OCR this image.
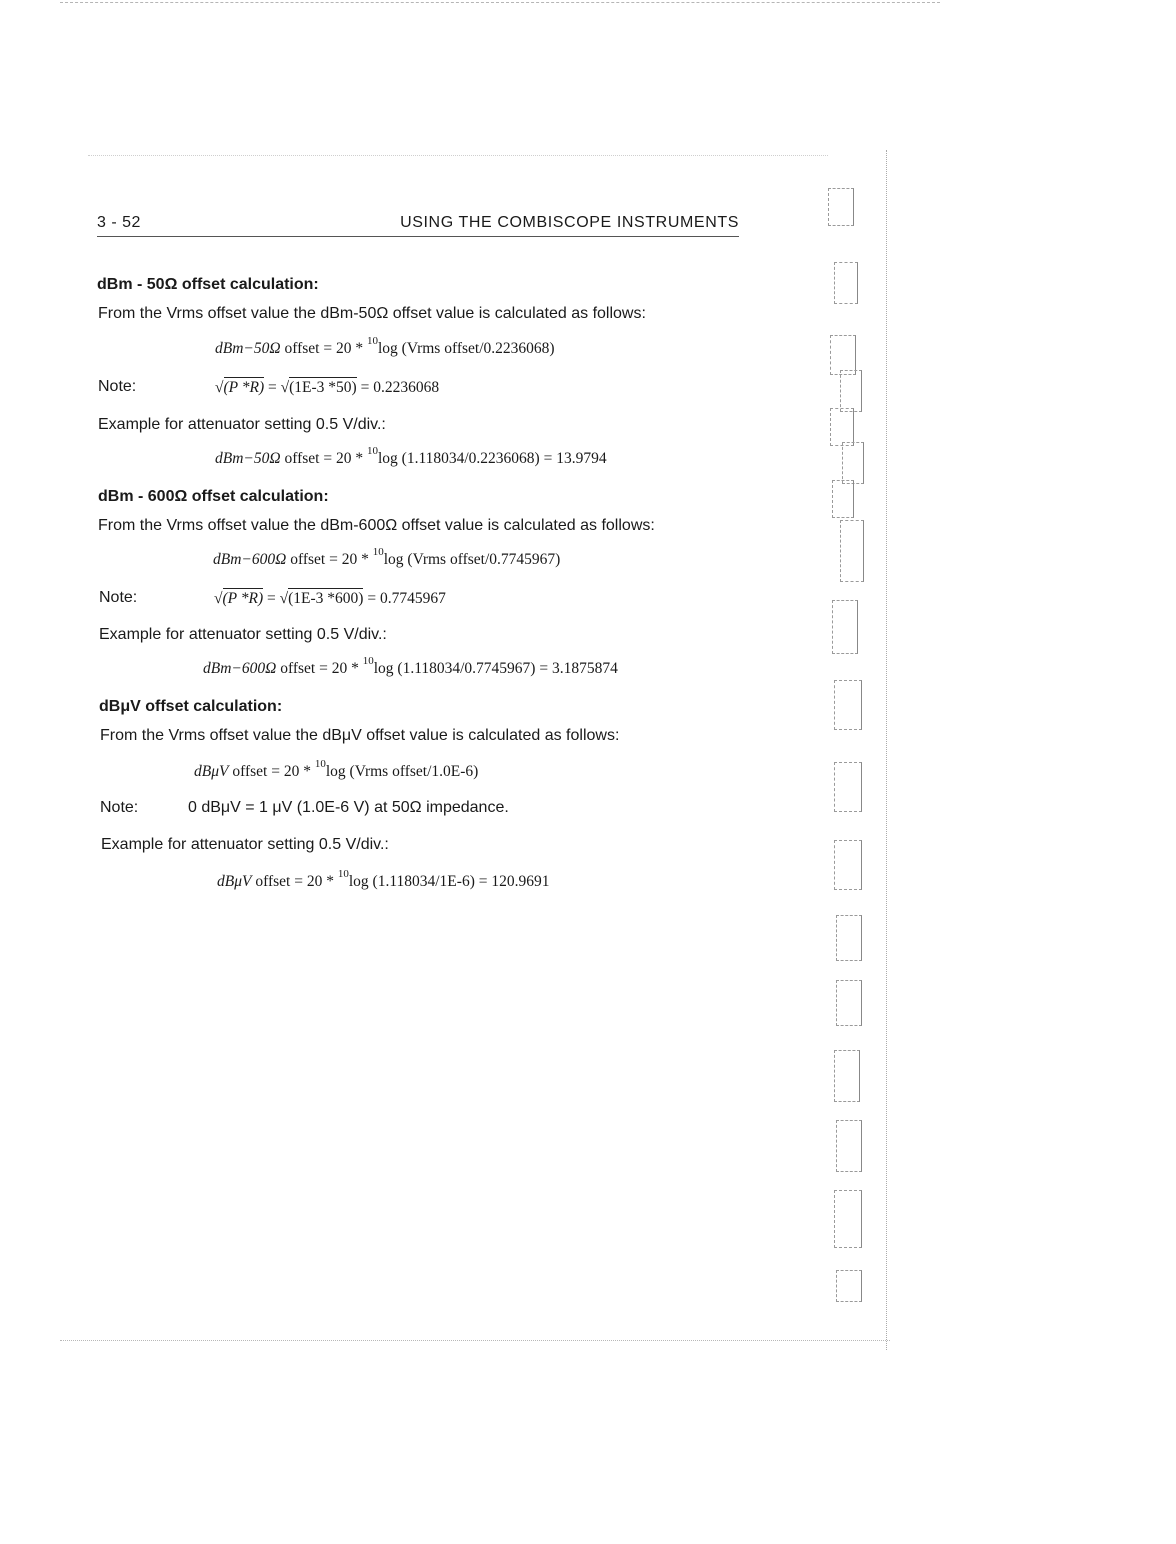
3 - 52	USING THE COMBISCOPE INSTRUMENTS
dBm - 50Ω offset calculation:
From the Vrms offset value the dBm-50Ω offset value is calculated as follows:
dBm−50Ω offset = 20 * $^{10}$log (Vrms offset/0.2236068)
Note:	√(P *R) = √(1E-3 *50) = 0.2236068
Example for attenuator setting 0.5 V/div.:
dBm−50Ω offset = 20 * $^{10}$log (1.118034/0.2236068) = 13.9794
dBm - 600Ω offset calculation:
From the Vrms offset value the dBm-600Ω offset value is calculated as follows:
dBm−600Ω offset = 20 * $^{10}$log (Vrms offset/0.7745967)
Note:	√(P *R) = √(1E-3 *600) = 0.7745967
Example for attenuator setting 0.5 V/div.:
dBm−600Ω offset = 20 * $^{10}$log (1.118034/0.7745967) = 3.1875874
dBμV offset calculation:
From the Vrms offset value the dBμV offset value is calculated as follows:
dBμV offset = 20 * $^{10}$log (Vrms offset/1.0E-6)
Note:	0 dBμV = 1 μV (1.0E-6 V) at 50Ω impedance.
Example for attenuator setting 0.5 V/div.:
dBμV offset = 20 * $^{10}$log (1.118034/1E-6) = 120.9691
